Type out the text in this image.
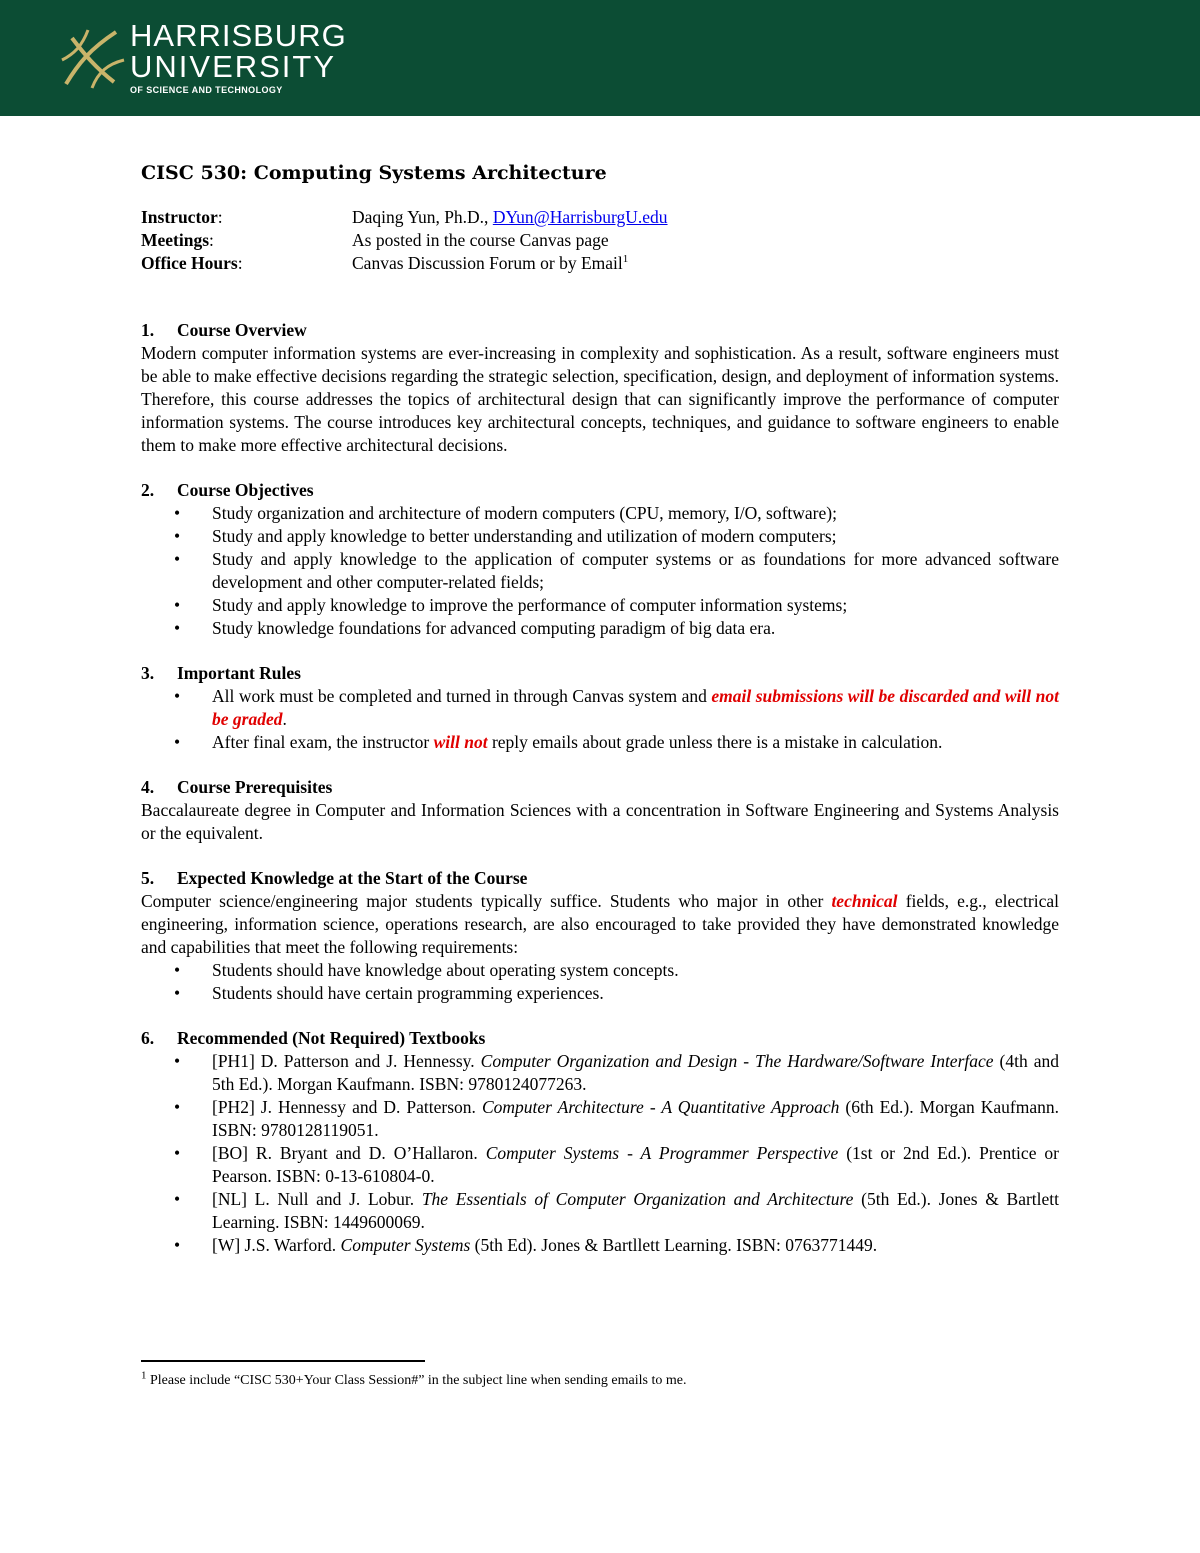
HARRISBURG
UNIVERSITY
OF SCIENCE AND TECHNOLOGY
CISC 530: Computing Systems Architecture
Instructor:	Daqing Yun, Ph.D., DYun@HarrisburgU.edu
Meetings:	As posted in the course Canvas page
Office Hours:	Canvas Discussion Forum or by Email$^1$
1.	Course Overview
Modern computer information systems are ever-increasing in complexity and sophistication. As a result, software engineers must be able to make effective decisions regarding the strategic selection, specification, design, and deployment of information systems. Therefore, this course addresses the topics of architectural design that can significantly improve the performance of computer information systems. The course introduces key architectural concepts, techniques, and guidance to software engineers to enable them to make more effective architectural decisions.
2.	Course Objectives
• Study organization and architecture of modern computers (CPU, memory, I/O, software);
• Study and apply knowledge to better understanding and utilization of modern computers;
• Study and apply knowledge to the application of computer systems or as foundations for more advanced software development and other computer-related fields;
• Study and apply knowledge to improve the performance of computer information systems;
• Study knowledge foundations for advanced computing paradigm of big data era.
3.	Important Rules
• All work must be completed and turned in through Canvas system and email submissions will be discarded and will not be graded.
• After final exam, the instructor will not reply emails about grade unless there is a mistake in calculation.
4.	Course Prerequisites
Baccalaureate degree in Computer and Information Sciences with a concentration in Software Engineering and Systems Analysis or the equivalent.
5.	Expected Knowledge at the Start of the Course
Computer science/engineering major students typically suffice. Students who major in other technical fields, e.g., electrical engineering, information science, operations research, are also encouraged to take provided they have demonstrated knowledge and capabilities that meet the following requirements:
• Students should have knowledge about operating system concepts.
• Students should have certain programming experiences.
6.	Recommended (Not Required) Textbooks
• [PH1] D. Patterson and J. Hennessy. Computer Organization and Design - The Hardware/Software Interface (4th and 5th Ed.). Morgan Kaufmann. ISBN: 9780124077263.
• [PH2] J. Hennessy and D. Patterson. Computer Architecture - A Quantitative Approach (6th Ed.). Morgan Kaufmann. ISBN: 9780128119051.
• [BO] R. Bryant and D. O’Hallaron. Computer Systems - A Programmer Perspective (1st or 2nd Ed.). Prentice or Pearson. ISBN: 0-13-610804-0.
• [NL] L. Null and J. Lobur. The Essentials of Computer Organization and Architecture (5th Ed.). Jones & Bartlett Learning. ISBN: 1449600069.
• [W] J.S. Warford. Computer Systems (5th Ed). Jones & Bartllett Learning. ISBN: 0763771449.
$^1$ Please include “CISC 530+Your Class Session#” in the subject line when sending emails to me.
